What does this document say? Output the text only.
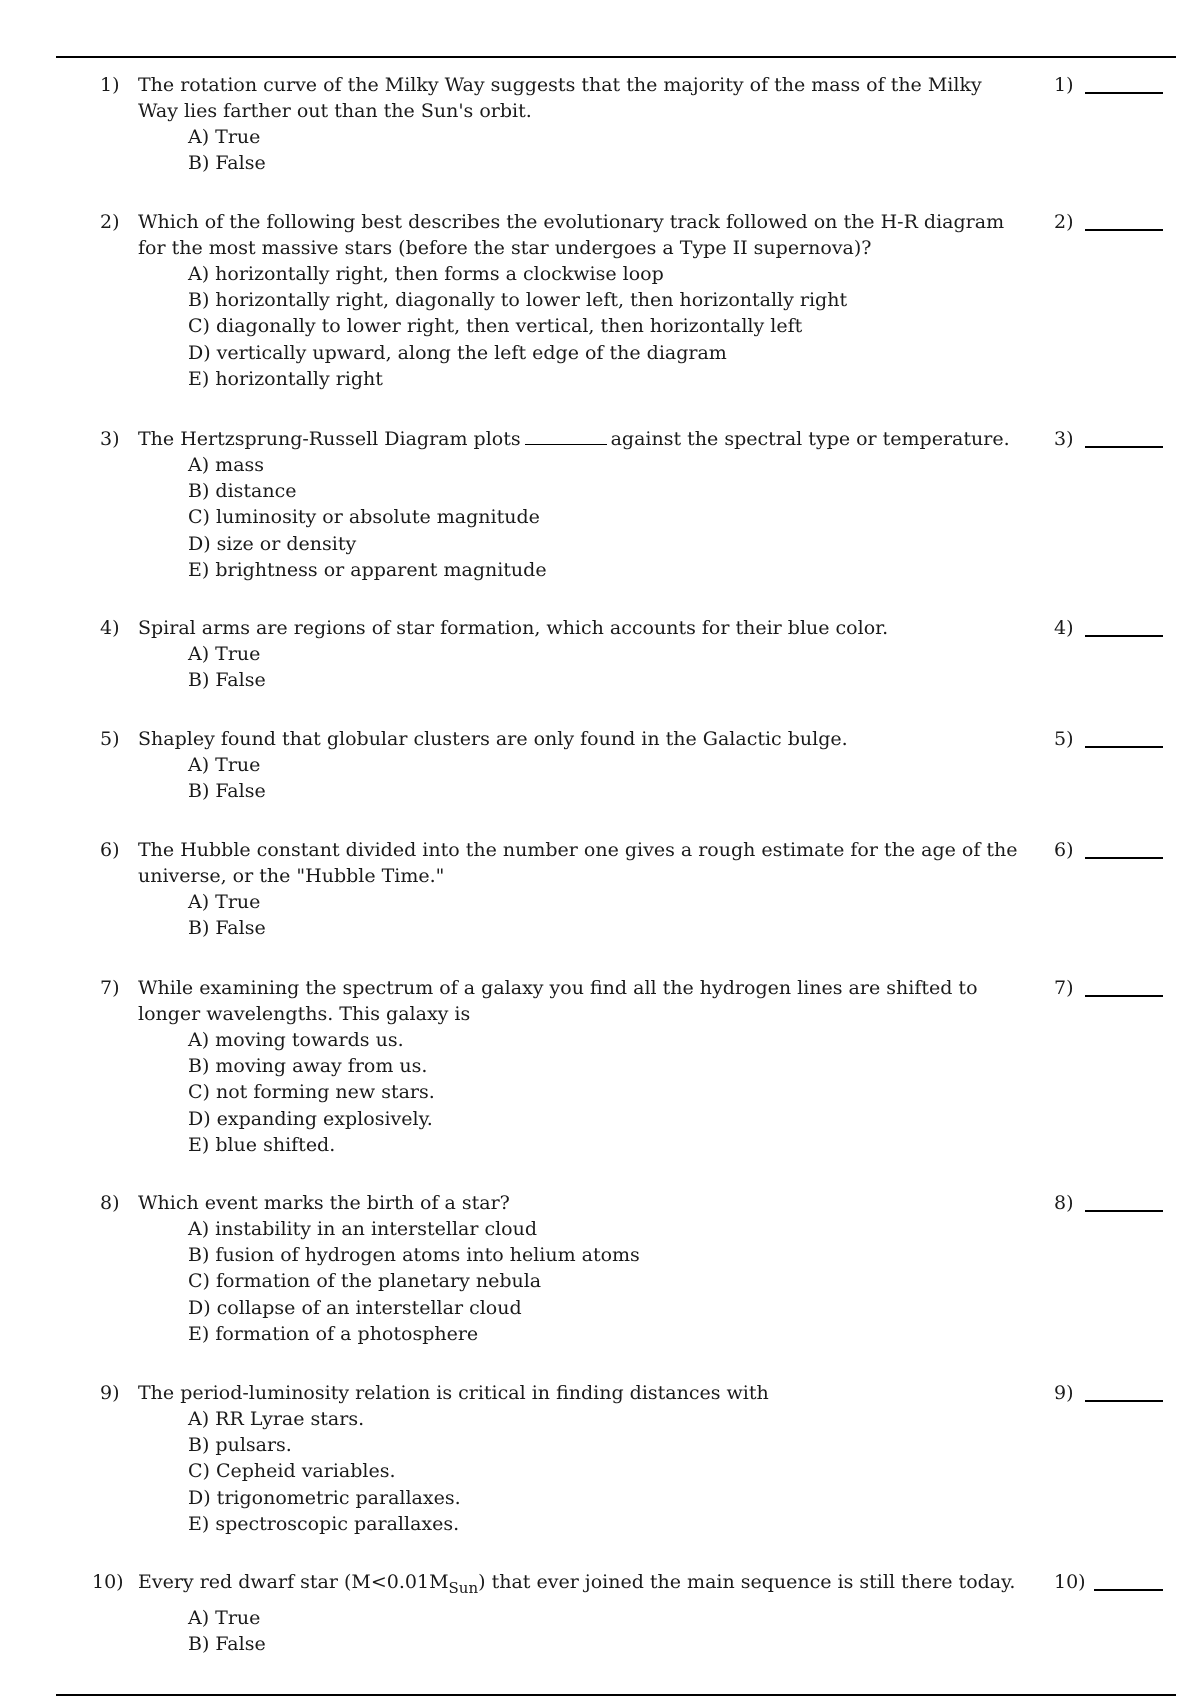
1) The rotation curve of the Milky Way suggests that the majority of the mass of the Milky Way lies farther out than the Sun's orbit.
A) True
B) False
2) Which of the following best describes the evolutionary track followed on the H-R diagram for the most massive stars (before the star undergoes a Type II supernova)?
A) horizontally right, then forms a clockwise loop
B) horizontally right, diagonally to lower left, then horizontally right
C) diagonally to lower right, then vertical, then horizontally left
D) vertically upward, along the left edge of the diagram
E) horizontally right
3) The Hertzsprung-Russell Diagram plots	against the spectral type or temperature.
A) mass
B) distance
C) luminosity or absolute magnitude
D) size or density
E) brightness or apparent magnitude
4) Spiral arms are regions of star formation, which accounts for their blue color.
A) True
B) False
5) Shapley found that globular clusters are only found in the Galactic bulge.
A) True
B) False
6) The Hubble constant divided into the number one gives a rough estimate for the age of the universe, or the "Hubble Time."
A) True
B) False
7) While examining the spectrum of a galaxy you find all the hydrogen lines are shifted to longer wavelengths. This galaxy is
A) moving towards us.
B) moving away from us.
C) not forming new stars.
D) expanding explosively.
E) blue shifted.
8) Which event marks the birth of a star?
A) instability in an interstellar cloud
B) fusion of hydrogen atoms into helium atoms
C) formation of the planetary nebula
D) collapse of an interstellar cloud
E) formation of a photosphere
9) The period-luminosity relation is critical in finding distances with
A) RR Lyrae stars.
B) pulsars.
C) Cepheid variables.
D) trigonometric parallaxes.
E) spectroscopic parallaxes.
10) Every red dwarf star $(M<0.01M_{Sun})$ that ever joined the main sequence is still there today.
A) True
B) False
1)
2)
3)
4)
5)
6)
7)
8)
9)
10)
